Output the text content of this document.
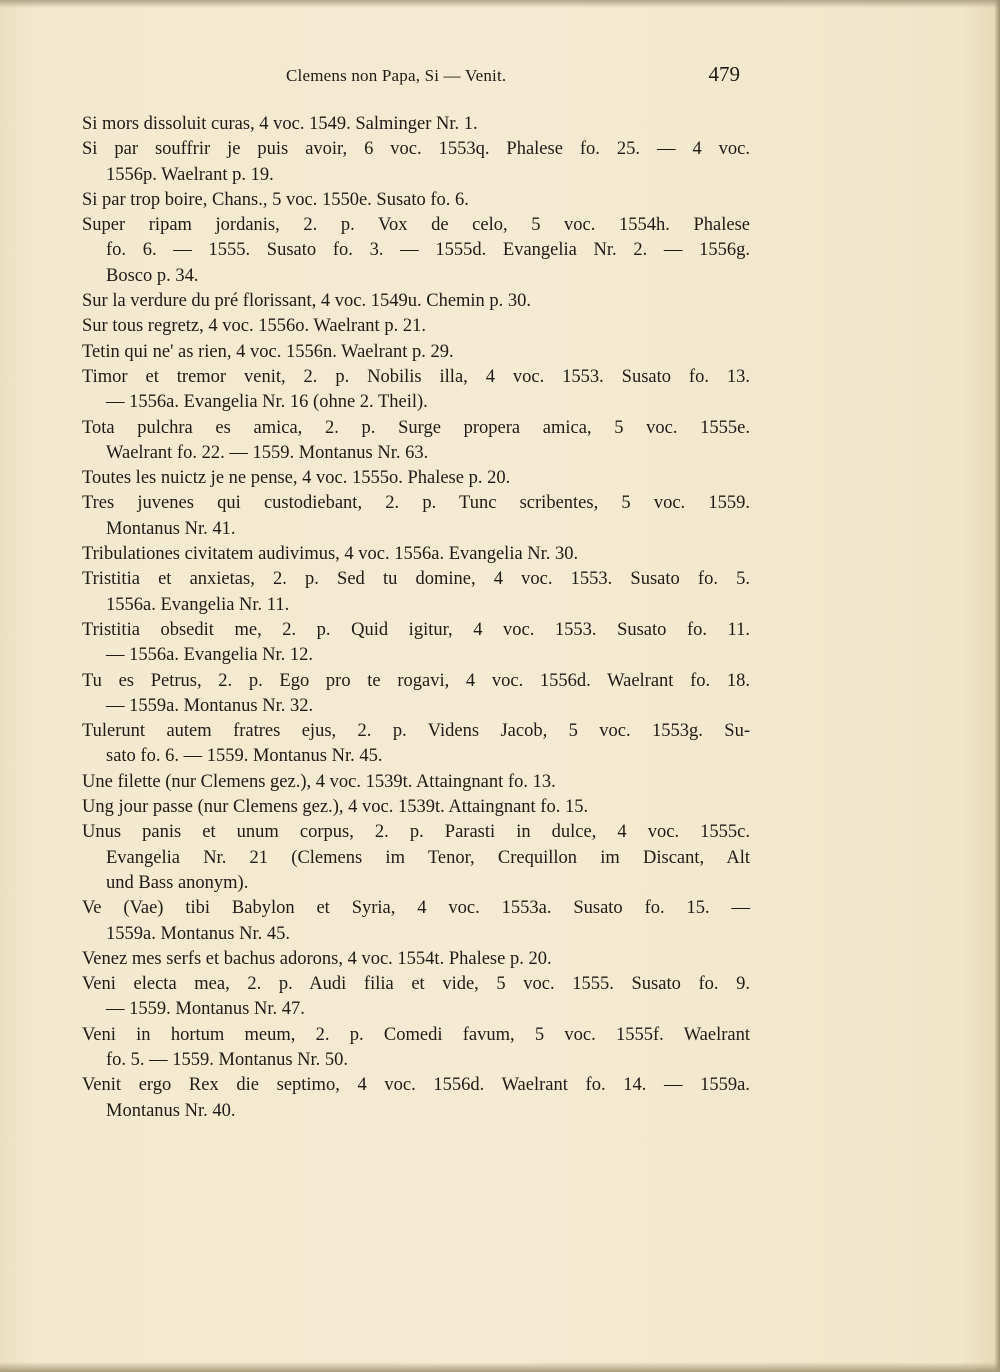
Clemens non Papa, Si — Venit.	479
Si mors dissoluit curas, 4 voc. 1549. Salminger Nr. 1.
Si par souffrir je puis avoir, 6 voc. 1553q. Phalese fo. 25. — 4 voc.
1556p. Waelrant p. 19.
Si par trop boire, Chans., 5 voc. 1550e. Susato fo. 6.
Super ripam jordanis, 2. p. Vox de celo, 5 voc. 1554h. Phalese
fo. 6. — 1555. Susato fo. 3. — 1555d. Evangelia Nr. 2. — 1556g.
Bosco p. 34.
Sur la verdure du pré florissant, 4 voc. 1549u. Chemin p. 30.
Sur tous regretz, 4 voc. 1556o. Waelrant p. 21.
Tetin qui ne' as rien, 4 voc. 1556n. Waelrant p. 29.
Timor et tremor venit, 2. p. Nobilis illa, 4 voc. 1553. Susato fo. 13.
— 1556a. Evangelia Nr. 16 (ohne 2. Theil).
Tota pulchra es amica, 2. p. Surge propera amica, 5 voc. 1555e.
Waelrant fo. 22. — 1559. Montanus Nr. 63.
Toutes les nuictz je ne pense, 4 voc. 1555o. Phalese p. 20.
Tres juvenes qui custodiebant, 2. p. Tunc scribentes, 5 voc. 1559.
Montanus Nr. 41.
Tribulationes civitatem audivimus, 4 voc. 1556a. Evangelia Nr. 30.
Tristitia et anxietas, 2. p. Sed tu domine, 4 voc. 1553. Susato fo. 5.
1556a. Evangelia Nr. 11.
Tristitia obsedit me, 2. p. Quid igitur, 4 voc. 1553. Susato fo. 11.
— 1556a. Evangelia Nr. 12.
Tu es Petrus, 2. p. Ego pro te rogavi, 4 voc. 1556d. Waelrant fo. 18.
— 1559a. Montanus Nr. 32.
Tulerunt autem fratres ejus, 2. p. Videns Jacob, 5 voc. 1553g. Su-
sato fo. 6. — 1559. Montanus Nr. 45.
Une filette (nur Clemens gez.), 4 voc. 1539t. Attaingnant fo. 13.
Ung jour passe (nur Clemens gez.), 4 voc. 1539t. Attaingnant fo. 15.
Unus panis et unum corpus, 2. p. Parasti in dulce, 4 voc. 1555c.
Evangelia Nr. 21 (Clemens im Tenor, Crequillon im Discant, Alt
und Bass anonym).
Ve (Vae) tibi Babylon et Syria, 4 voc. 1553a. Susato fo. 15. —
1559a. Montanus Nr. 45.
Venez mes serfs et bachus adorons, 4 voc. 1554t. Phalese p. 20.
Veni electa mea, 2. p. Audi filia et vide, 5 voc. 1555. Susato fo. 9.
— 1559. Montanus Nr. 47.
Veni in hortum meum, 2. p. Comedi favum, 5 voc. 1555f. Waelrant
fo. 5. — 1559. Montanus Nr. 50.
Venit ergo Rex die septimo, 4 voc. 1556d. Waelrant fo. 14. — 1559a.
Montanus Nr. 40.
